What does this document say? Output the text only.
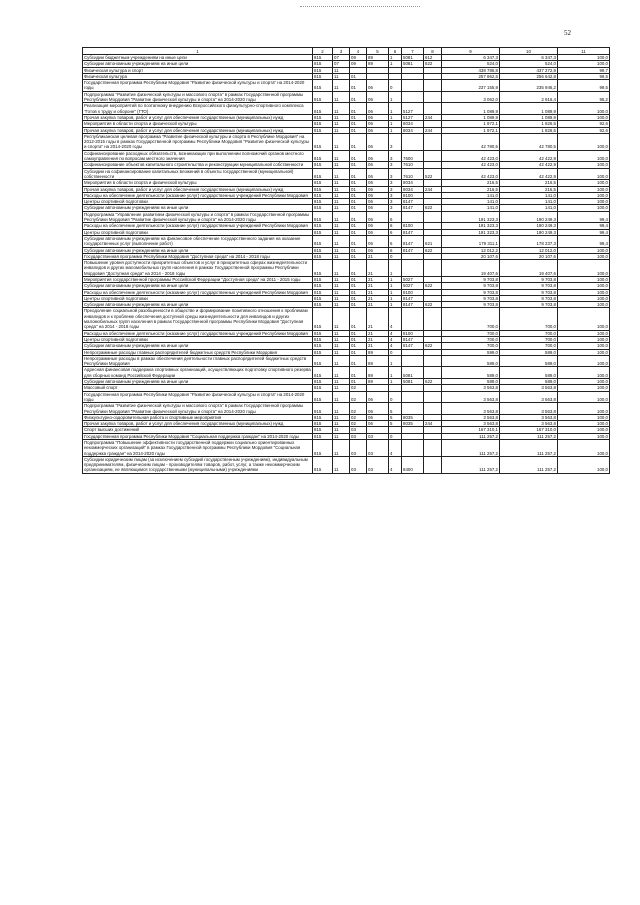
52
1	2	3	4	5	6	7	8	9	10	11
Субсидии бюджетным учреждениям на иные цели	815	07	09	89	1	5081	612	6 347,3	6 347,3	100,0
Субсидии автономным учреждениям на иные цели	815	07	09	89	1	5081	622	524,0	524,0	100,0
Физическая культура и спорт	815	11						438 786,8	437 272,9	99,7
Физическая культура	815	11	01					257 862,5	256 642,8	99,5
Государственная программа Республики Мордовия "Развитие физической культуры и спорта" на 2014-2020 годы	815	11	01	06	0			237 155,9	235 946,2	99,5
Подпрограмма "Развитие физической культуры и массового спорта" в рамках Государственной программы Республики Мордовия "Развитие физической культуры и спорта" на 2014-2020 годы	815	11	01	06	1			3 062,0	2 916,4	95,2
Реализация мероприятий по поэтапному внедрению Всероссийского физкультурно-спортивного комплекса "Готов к труду и обороне" (ГТО)	815	11	01	06	1	5127		1 089,9	1 089,9	100,0
Прочая закупка товаров, работ и услуг для обеспечения государственных (муниципальных) нужд	815	11	01	06	1	5127	244	1 089,9	1 089,9	100,0
Мероприятия в области спорта и физической культуры	815	11	01	06	1	8034		1 972,1	1 826,5	92,6
Прочая закупка товаров, работ и услуг для обеспечения государственных (муниципальных) нужд	815	11	01	06	1	8034	244	1 972,1	1 826,5	92,6
Республиканская целевая программа "Развитие физической культуры и спорта в Республике Мордовия" на 2012-2015 годы в рамках Государственной программы Республики Мордовия "Развитие физической культуры и спорта" на 2014-2020 годы	815	11	01	06	3			42 780,5	42 780,5	100,0
Софинансирование расходных обязательств, возникающих при выполнении полномочий органов местного самоуправления по вопросам местного значения	815	11	01	06	3	7600		42 423,0	42 422,9	100,0
Софинансирование объектов капитального строительства и реконструкции муниципальной собственности	815	11	01	06	3	7610		42 423,0	42 422,9	100,0
Субсидии на софинансирование капитальных вложений в объекты государственной (муниципальной) собственности	815	11	01	06	3	7610	522	42 423,0	42 422,9	100,0
Мероприятия в области спорта и физической культуры	815	11	01	06	3	8034		216,5	216,5	100,0
Прочая закупка товаров, работ и услуг для обеспечения государственных (муниципальных) нужд	815	11	01	06	3	8034	244	216,5	216,5	100,0
Расходы на обеспечение деятельности (оказание услуг) государственных учреждений Республики Мордовия	815	11	01	06	3	8100		141,0	141,0	100,0
Центры спортивной подготовки	815	11	01	06	3	8147		141,0	141,0	100,0
Субсидии автономным учреждениям на иные цели	815	11	01	06	3	8147	622	141,0	141,0	100,0
Подпрограмма "Управление развитием физической культуры и спорта" в рамках Государственной программы Республики Мордовия "Развитие физической культуры и спорта" на 2014-2020 годы	815	11	01	06	6			191 323,3	190 249,3	99,4
Расходы на обеспечение деятельности (оказание услуг) государственных учреждений Республики Мордовия	815	11	01	06	6	8100		191 323,3	190 249,3	99,4
Центры спортивной подготовки	815	11	01	06	6	8147		191 323,3	190 249,3	99,4
Субсидии автономным учреждениям на финансовое обеспечение государственного задания на оказание государственных услуг (выполнение работ)	815	11	01	06	6	8147	621	179 311,1	178 237,3	99,4
Субсидии автономным учреждениям на иные цели	815	11	01	06	6	8147	622	12 012,2	12 012,0	100,0
Государственная программа Республики Мордовия "Доступная среда" на 2014 - 2018 годы	815	11	01	21	0			20 107,6	20 107,6	100,0
Повышение уровня доступности приоритетных объектов и услуг в приоритетных сферах жизнедеятельности инвалидов и других маломобильных групп населения в рамках Государственной программы Республики Мордовия "Доступная среда" на 2014 - 2018 годы	815	11	01	21	1			19 407,6	19 407,6	100,0
Мероприятия государственной программы Российской Федерации "Доступная среда" на 2011 - 2015 годы	815	11	01	21	1	5027		9 703,8	9 703,8	100,0
Субсидии автономным учреждениям на иные цели	815	11	01	21	1	5027	622	9 703,8	9 703,8	100,0
Расходы на обеспечение деятельности (оказание услуг) государственных учреждений Республики Мордовия	815	11	01	21	1	8100		9 703,8	9 703,8	100,0
Центры спортивной подготовки	815	11	01	21	1	8147		9 703,8	9 703,8	100,0
Субсидии автономным учреждениям на иные цели	815	11	01	21	1	8147	622	9 703,8	9 703,8	100,0
Преодоление социальной разобщенности в обществе и формирование позитивного отношения к проблемам инвалидов и к проблеме обеспечения доступной среды жизнедеятельности для инвалидов и других маломобильных групп населения в рамках Государственной программы Республики Мордовия "Доступная среда" на 2014 - 2018 годы	815	11	01	21	4			700,0	700,0	100,0
Расходы на обеспечение деятельности (оказание услуг) государственных учреждений Республики Мордовия	815	11	01	21	4	8100		700,0	700,0	100,0
Центры спортивной подготовки	815	11	01	21	4	8147		700,0	700,0	100,0
Субсидии автономным учреждениям на иные цели	815	11	01	21	4	8147	622	700,0	700,0	100,0
Непрограммные расходы главных распорядителей бюджетных средств Республики Мордовия	815	11	01	89	0			599,0	589,0	100,0
Непрограммные расходы в рамках обеспечения деятельности главных распорядителей бюджетных средств Республики Мордовия	815	11	01	89	1			589,0	589,0	100,0
Адресная финансовая поддержка спортивных организаций, осуществляющих подготовку спортивного резерва для сборных команд Российской Федерации	815	11	01	89	1	5081		589,0	589,0	100,0
Субсидии автономным учреждениям на иные цели	815	11	01	89	1	5081	622	589,0	589,0	100,0
Массовый спорт	815	11	02					3 563,8	3 563,8	100,0
Государственная программа Республики Мордовия "Развитие физической культуры и спорта" на 2014-2020 годы	815	11	02	06	0			3 563,8	3 563,8	100,0
Подпрограмма "Развитие физической культуры и массового спорта" в рамках Государственной программы Республики Мордовия "Развитие физической культуры и спорта" на 2014-2020 годы	815	11	02	06	5			3 563,8	3 563,8	100,0
Физкультурно-оздоровительная работа и спортивные мероприятия	815	11	02	06	5	8035		3 563,8	3 563,8	100,0
Прочая закупка товаров, работ и услуг для обеспечения государственных (муниципальных) нужд	815	11	02	06	5	8035	244	3 563,8	3 563,8	100,0
Спорт высших достижений	815	11	03					167 310,1	167 310,0	100,0
Государственная программа Республики Мордовия "Социальная поддержка граждан" на 2014-2020 годы	815	11	03	03	0			111 257,2	111 257,2	100,0
Подпрограмма "Повышение эффективности государственной поддержки социально ориентированных некоммерческих организаций" в рамках Государственной программы Республики Мордовия "Социальная поддержка граждан" на 2014-2020 годы	815	11	03	03	4			111 257,2	111 257,2	100,0
Субсидии юридическим лицам (за исключением субсидий государственным учреждениям), индивидуальным предпринимателям, физическим лицам - производителям товаров, работ, услуг, а также некоммерческим организациям, не являющимся государственными (муниципальными) учреждениями	815	11	03	03	4	8400		111 257,2	111 257,2	100,0
